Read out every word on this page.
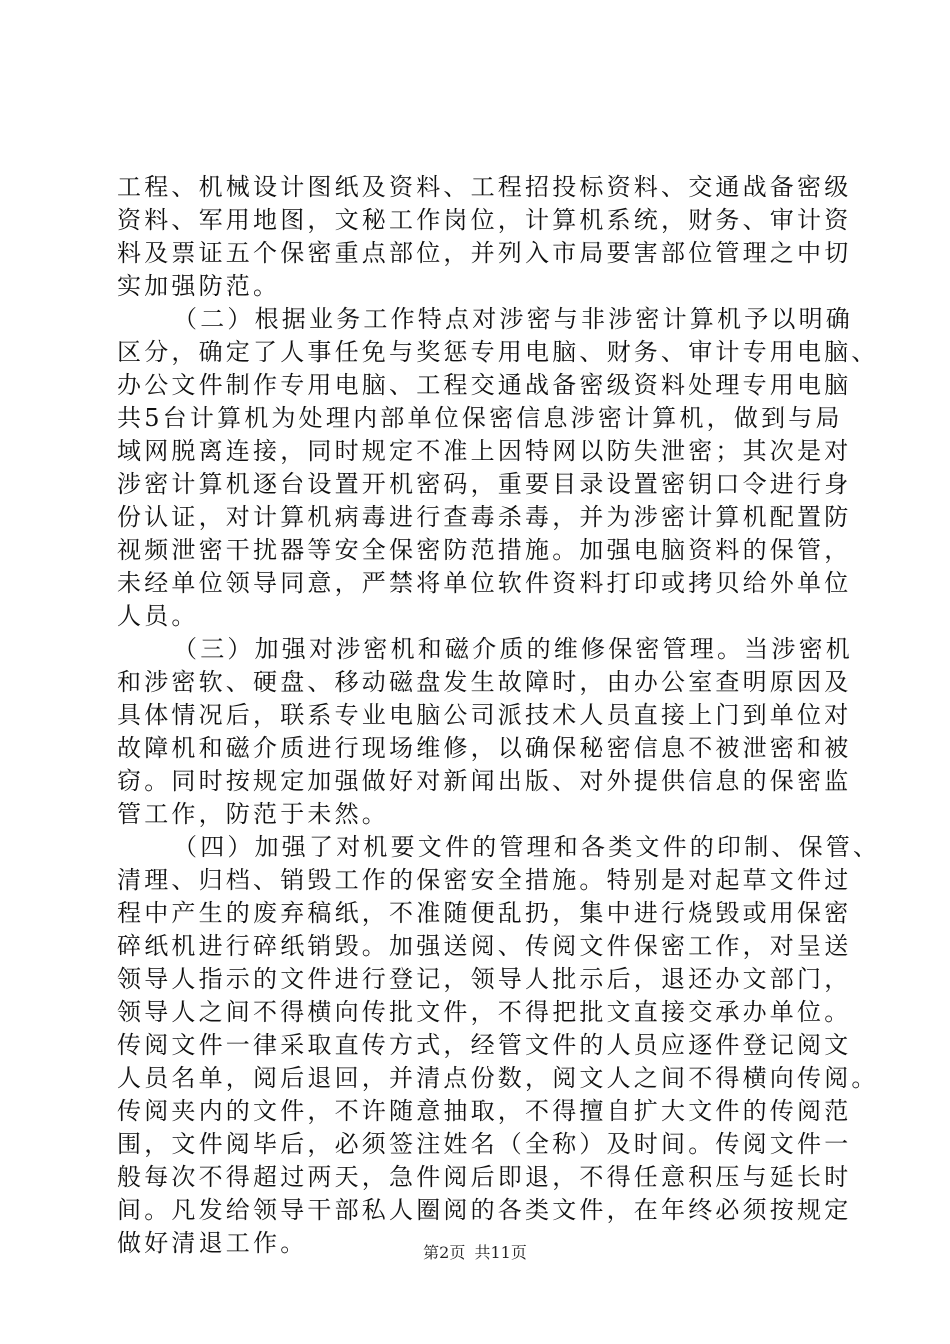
工程、机械设计图纸及资料、工程招投标资料、交通战备密级
资料、军用地图，文秘工作岗位，计算机系统，财务、审计资
料及票证五个保密重点部位，并列入市局要害部位管理之中切
实加强防范。
（二）根据业务工作特点对涉密与非涉密计算机予以明确
区分，确定了人事任免与奖惩专用电脑、财务、审计专用电脑、
办公文件制作专用电脑、工程交通战备密级资料处理专用电脑
共5台计算机为处理内部单位保密信息涉密计算机，做到与局
域网脱离连接，同时规定不准上因特网以防失泄密；其次是对
涉密计算机逐台设置开机密码，重要目录设置密钥口令进行身
份认证，对计算机病毒进行查毒杀毒，并为涉密计算机配置防
视频泄密干扰器等安全保密防范措施。加强电脑资料的保管，
未经单位领导同意，严禁将单位软件资料打印或拷贝给外单位
人员。
（三）加强对涉密机和磁介质的维修保密管理。当涉密机
和涉密软、硬盘、移动磁盘发生故障时，由办公室查明原因及
具体情况后，联系专业电脑公司派技术人员直接上门到单位对
故障机和磁介质进行现场维修，以确保秘密信息不被泄密和被
窃。同时按规定加强做好对新闻出版、对外提供信息的保密监
管工作，防范于未然。
（四）加强了对机要文件的管理和各类文件的印制、保管、
清理、归档、销毁工作的保密安全措施。特别是对起草文件过
程中产生的废弃稿纸，不准随便乱扔，集中进行烧毁或用保密
碎纸机进行碎纸销毁。加强送阅、传阅文件保密工作，对呈送
领导人指示的文件进行登记，领导人批示后，退还办文部门，
领导人之间不得横向传批文件，不得把批文直接交承办单位。
传阅文件一律采取直传方式，经管文件的人员应逐件登记阅文
人员名单，阅后退回，并清点份数，阅文人之间不得横向传阅。
传阅夹内的文件，不许随意抽取，不得擅自扩大文件的传阅范
围，文件阅毕后，必须签注姓名（全称）及时间。传阅文件一
般每次不得超过两天，急件阅后即退，不得任意积压与延长时
间。凡发给领导干部私人圈阅的各类文件，在年终必须按规定
做好清退工作。	第2页 共11页
